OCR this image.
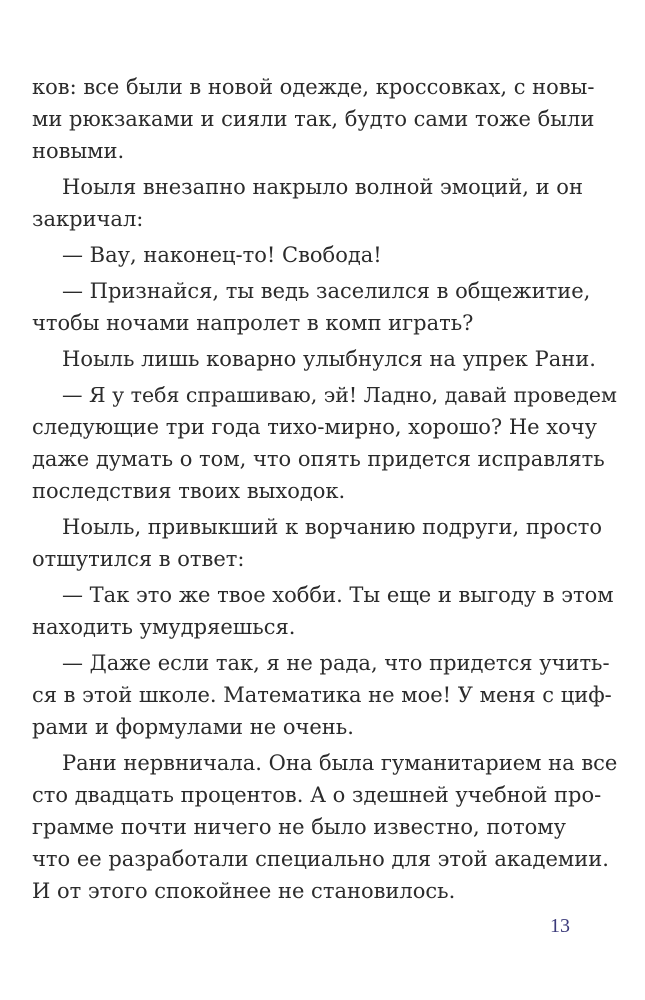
ков: все были в новой одежде, кроссовках, с новы-
ми рюкзаками и сияли так, будто сами тоже были
новыми.
Ноыля внезапно накрыло волной эмоций, и он
закричал:
— Вау, наконец-то! Свобода!
— Признайся, ты ведь заселился в общежитие,
чтобы ночами напролет в комп играть?
Ноыль лишь коварно улыбнулся на упрек Рани.
— Я у тебя спрашиваю, эй! Ладно, давай проведем
следующие три года тихо-мирно, хорошо? Не хочу
даже думать о том, что опять придется исправлять
последствия твоих выходок.
Ноыль, привыкший к ворчанию подруги, просто
отшутился в ответ:
— Так это же твое хобби. Ты еще и выгоду в этом
находить умудряешься.
— Даже если так, я не рада, что придется учить-
ся в этой школе. Математика не мое! У меня с циф-
рами и формулами не очень.
Рани нервничала. Она была гуманитарием на все
сто двадцать процентов. А о здешней учебной про-
грамме почти ничего не было известно, потому
что ее разработали специально для этой академии.
И от этого спокойнее не становилось.
13
